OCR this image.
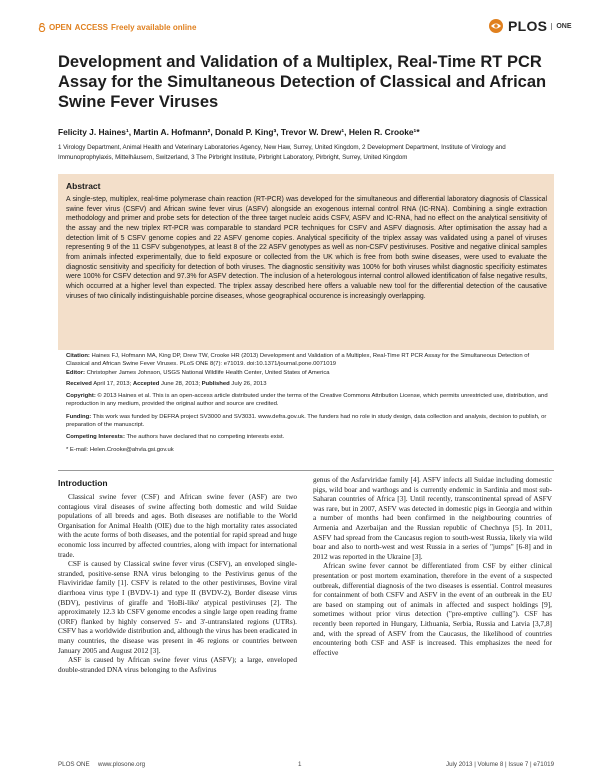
OPEN ACCESS Freely available online	PLOS	ONE
Development and Validation of a Multiplex, Real-Time RT PCR Assay for the Simultaneous Detection of Classical and African Swine Fever Viruses
Felicity J. Haines¹, Martin A. Hofmann², Donald P. King³, Trevor W. Drew¹, Helen R. Crooke¹*
1 Virology Department, Animal Health and Veterinary Laboratories Agency, New Haw, Surrey, United Kingdom, 2 Development Department, Institute of Virology and Immunoprophylaxis, Mittelhäusern, Switzerland, 3 The Pirbright Institute, Pirbright Laboratory, Pirbright, Surrey, United Kingdom
Abstract
A single-step, multiplex, real-time polymerase chain reaction (RT-PCR) was developed for the simultaneous and differential laboratory diagnosis of Classical swine fever virus (CSFV) and African swine fever virus (ASFV) alongside an exogenous internal control RNA (IC-RNA). Combining a single extraction methodology and primer and probe sets for detection of the three target nucleic acids CSFV, ASFV and IC-RNA, had no effect on the analytical sensitivity of the assay and the new triplex RT-PCR was comparable to standard PCR techniques for CSFV and ASFV diagnosis. After optimisation the assay had a detection limit of 5 CSFV genome copies and 22 ASFV genome copies. Analytical specificity of the triplex assay was validated using a panel of viruses representing 9 of the 11 CSFV subgenotypes, at least 8 of the 22 ASFV genotypes as well as non-CSFV pestiviruses. Positive and negative clinical samples from animals infected experimentally, due to field exposure or collected from the UK which is free from both swine diseases, were used to evaluate the diagnostic sensitivity and specificity for detection of both viruses. The diagnostic sensitivity was 100% for both viruses whilst diagnostic specificity estimates were 100% for CSFV detection and 97.3% for ASFV detection. The inclusion of a heterologous internal control allowed identification of false negative results, which occurred at a higher level than expected. The triplex assay described here offers a valuable new tool for the differential detection of the causative viruses of two clinically indistinguishable porcine diseases, whose geographical occurence is increasingly overlapping.
Citation: Haines FJ, Hofmann MA, King DP, Drew TW, Crooke HR (2013) Development and Validation of a Multiplex, Real-Time RT PCR Assay for the Simultaneous Detection of Classical and African Swine Fever Viruses. PLoS ONE 8(7): e71019. doi:10.1371/journal.pone.0071019
Editor: Christopher James Johnson, USGS National Wildlife Health Center, United States of America
Received April 17, 2013; Accepted June 28, 2013; Published July 26, 2013
Copyright: © 2013 Haines et al. This is an open-access article distributed under the terms of the Creative Commons Attribution License, which permits unrestricted use, distribution, and reproduction in any medium, provided the original author and source are credited.
Funding: This work was funded by DEFRA project SV3000 and SV3031. www.defra.gov.uk. The funders had no role in study design, data collection and analysis, decision to publish, or preparation of the manuscript.
Competing Interests: The authors have declared that no competing interests exist.
* E-mail: Helen.Crooke@ahvla.gsi.gov.uk
Introduction

Classical swine fever (CSF) and African swine fever (ASF) are two contagious viral diseases of swine affecting both domestic and wild Suidae populations of all breeds and ages. Both diseases are notifiable to the World Organisation for Animal Health (OIE) due to the high mortality rates associated with the acute forms of both diseases, and the potential for rapid spread and huge economic loss incurred by affected countries, along with impact for international trade.

CSF is caused by Classical swine fever virus (CSFV), an enveloped single-stranded, positive-sense RNA virus belonging to the Pestivirus genus of the Flaviviridae family [1]. CSFV is related to the other pestiviruses, Bovine viral diarrhoea virus type I (BVDV-1) and type II (BVDV-2), Border disease virus (BDV), pestivirus of giraffe and 'HoBi-like' atypical pestiviruses [2]. The approximately 12.3 kb CSFV genome encodes a single large open reading frame (ORF) flanked by highly conserved 5'- and 3'-untranslated regions (UTRs). CSFV has a worldwide distribution and, although the virus has been eradicated in many countries, the disease was present in 46 regions or countries between January 2005 and August 2012 [3].

ASF is caused by African swine fever virus (ASFV); a large, enveloped double-stranded DNA virus belonging to the Asfivirus

genus of the Asfarviridae family [4]. ASFV infects all Suidae including domestic pigs, wild boar and warthogs and is currently endemic in Sardinia and most sub-Saharan countries of Africa [3]. Until recently, transcontinental spread of ASFV was rare, but in 2007, ASFV was detected in domestic pigs in Georgia and within a number of months had been confirmed in the neighbouring countries of Armenia and Azerbaijan and the Russian republic of Chechnya [5]. In 2011, ASFV had spread from the Caucasus region to south-west Russia, likely via wild boar and also to north-west and west Russia in a series of "jumps" [6-8] and in 2012 was reported in the Ukraine [3].

African swine fever cannot be differentiated from CSF by either clinical presentation or post mortem examination, therefore in the event of a suspected outbreak, differential diagnosis of the two diseases is essential. Control measures for containment of both CSFV and ASFV in the event of an outbreak in the EU are based on stamping out of animals in affected and suspect holdings [9], sometimes without prior virus detection ("pre-emptive culling"). CSF has recently been reported in Hungary, Lithuania, Serbia, Russia and Latvia [3,7,8] and, with the spread of ASFV from the Caucasus, the likelihood of countries encountering both CSF and ASF is increased. This emphasizes the need for effective

PLOS ONE www.plosone.org	1	July 2013 | Volume 8 | Issue 7 | e71019
